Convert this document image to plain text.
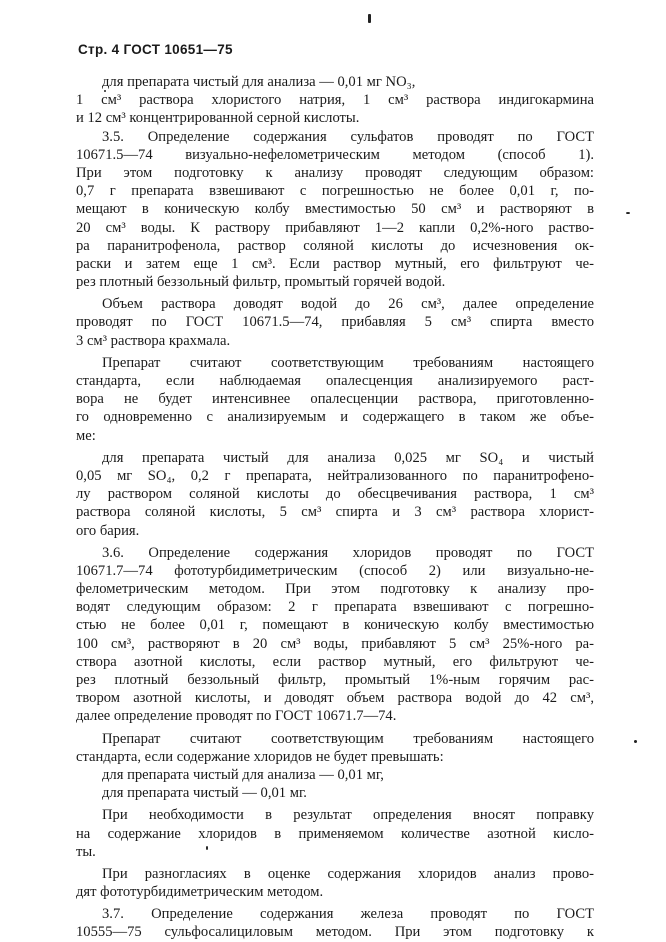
Стр. 4 ГОСТ 10651—75
для препарата чистый для анализа — 0,01 мг NO₃,
1 см³ раствора хлористого натрия, 1 см³ раствора индигокармина
и 12 см³ концентрированной серной кислоты.
3.5. Определение содержания сульфатов проводят по ГОСТ
10671.5—74 визуально-нефелометрическим методом (способ 1).
При этом подготовку к анализу проводят следующим образом:
0,7 г препарата взвешивают с погрешностью не более 0,01 г, по-
мещают в коническую колбу вместимостью 50 см³ и растворяют в
20 см³ воды. К раствору прибавляют 1—2 капли 0,2%-ного раство-
ра паранитрофенола, раствор соляной кислоты до исчезновения ок-
раски и затем еще 1 см³. Если раствор мутный, его фильтруют че-
рез плотный беззольный фильтр, промытый горячей водой.
Объем раствора доводят водой до 26 см³, далее определение
проводят по ГОСТ 10671.5—74, прибавляя 5 см³ спирта вместо
3 см³ раствора крахмала.
Препарат считают соответствующим требованиям настоящего
стандарта, если наблюдаемая опалесценция анализируемого раст-
вора не будет интенсивнее опалесценции раствора, приготовленно-
го одновременно с анализируемым и содержащего в таком же объе-
ме:
для препарата чистый для анализа 0,025 мг SO₄ и чистый
0,05 мг SO₄, 0,2 г препарата, нейтрализованного по паранитрофено-
лу раствором соляной кислоты до обесцвечивания раствора, 1 см³
раствора соляной кислоты, 5 см³ спирта и 3 см³ раствора хлорист-
ого бария.
3.6. Определение содержания хлоридов проводят по ГОСТ
10671.7—74 фототурбидиметрическим (способ 2) или визуально-не-
фелометрическим методом. При этом подготовку к анализу про-
водят следующим образом: 2 г препарата взвешивают с погрешно-
стью не более 0,01 г, помещают в коническую колбу вместимостью
100 см³, растворяют в 20 см³ воды, прибавляют 5 см³ 25%-ного ра-
створа азотной кислоты, если раствор мутный, его фильтруют че-
рез плотный беззольный фильтр, промытый 1%-ным горячим рас-
твором азотной кислоты, и доводят объем раствора водой до 42 см³,
далее определение проводят по ГОСТ 10671.7—74.
Препарат считают соответствующим требованиям настоящего
стандарта, если содержание хлоридов не будет превышать:
для препарата чистый для анализа — 0,01 мг,
для препарата чистый — 0,01 мг.
При необходимости в результат определения вносят поправку
на содержание хлоридов в применяемом количестве азотной кисло-
ты.
При разногласиях в оценке содержания хлоридов анализ прово-
дят фототурбидиметрическим методом.
3.7. Определение содержания железа проводят по ГОСТ
10555—75 сульфосалициловым методом. При этом подготовку к
